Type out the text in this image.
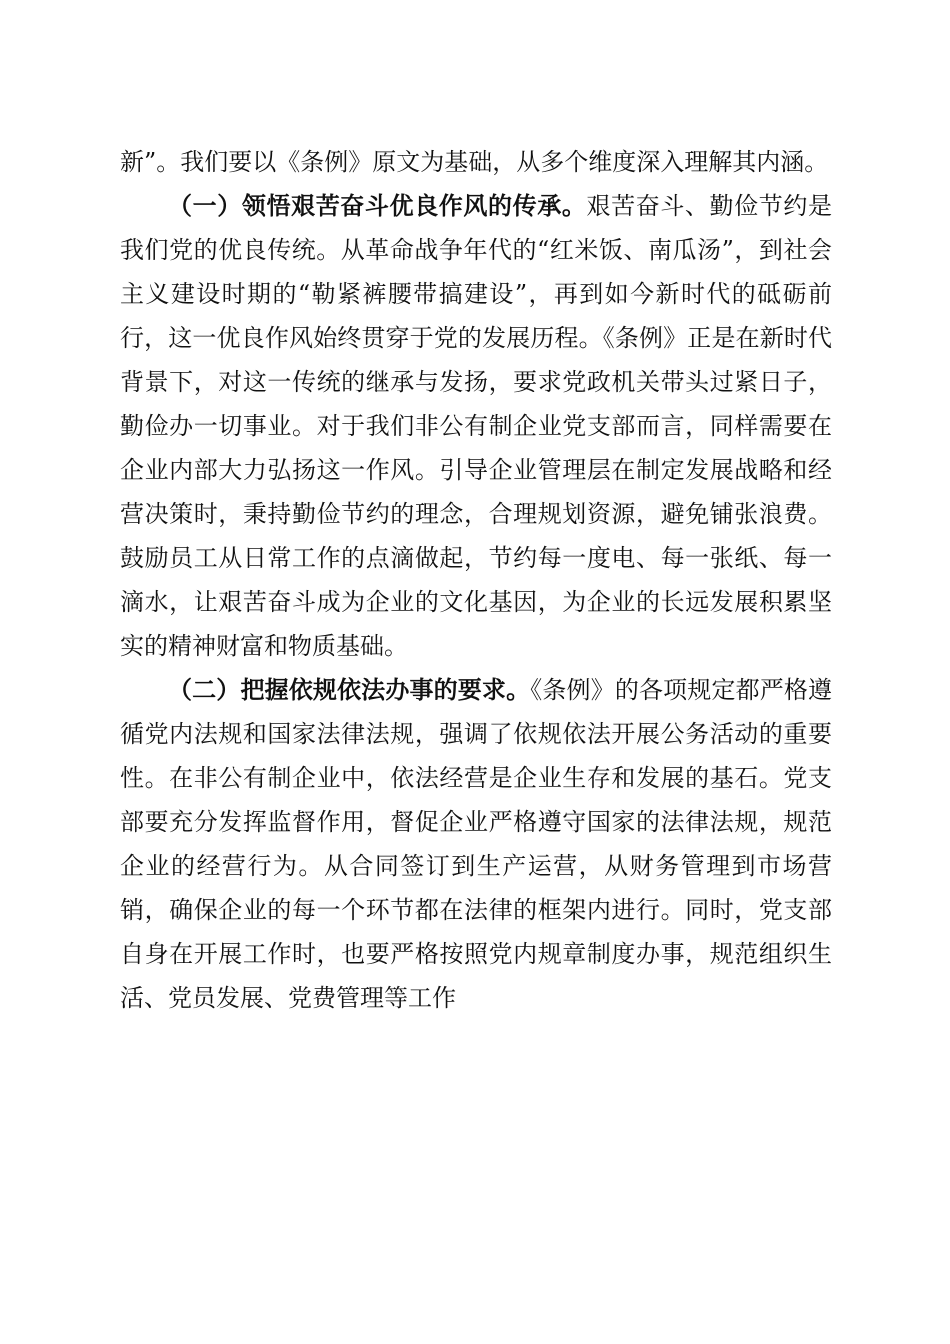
新”。我们要以《条例》原文为基础，从多个维度深入理解其内涵。

（一）领悟艰苦奋斗优良作风的传承。艰苦奋斗、勤俭节约是我们党的优良传统。从革命战争年代的“红米饭、南瓜汤”，到社会主义建设时期的“勒紧裤腰带搞建设”，再到如今新时代的砥砺前行，这一优良作风始终贯穿于党的发展历程。《条例》正是在新时代背景下，对这一传统的继承与发扬，要求党政机关带头过紧日子，勤俭办一切事业。对于我们非公有制企业党支部而言，同样需要在企业内部大力弘扬这一作风。引导企业管理层在制定发展战略和经营决策时，秉持勤俭节约的理念，合理规划资源，避免铺张浪费。鼓励员工从日常工作的点滴做起，节约每一度电、每一张纸、每一滴水，让艰苦奋斗成为企业的文化基因，为企业的长远发展积累坚实的精神财富和物质基础。

（二）把握依规依法办事的要求。《条例》的各项规定都严格遵循党内法规和国家法律法规，强调了依规依法开展公务活动的重要性。在非公有制企业中，依法经营是企业生存和发展的基石。党支部要充分发挥监督作用，督促企业严格遵守国家的法律法规，规范企业的经营行为。从合同签订到生产运营，从财务管理到市场营销，确保企业的每一个环节都在法律的框架内进行。同时，党支部自身在开展工作时，也要严格按照党内规章制度办事，规范组织生活、党员发展、党费管理等工作
